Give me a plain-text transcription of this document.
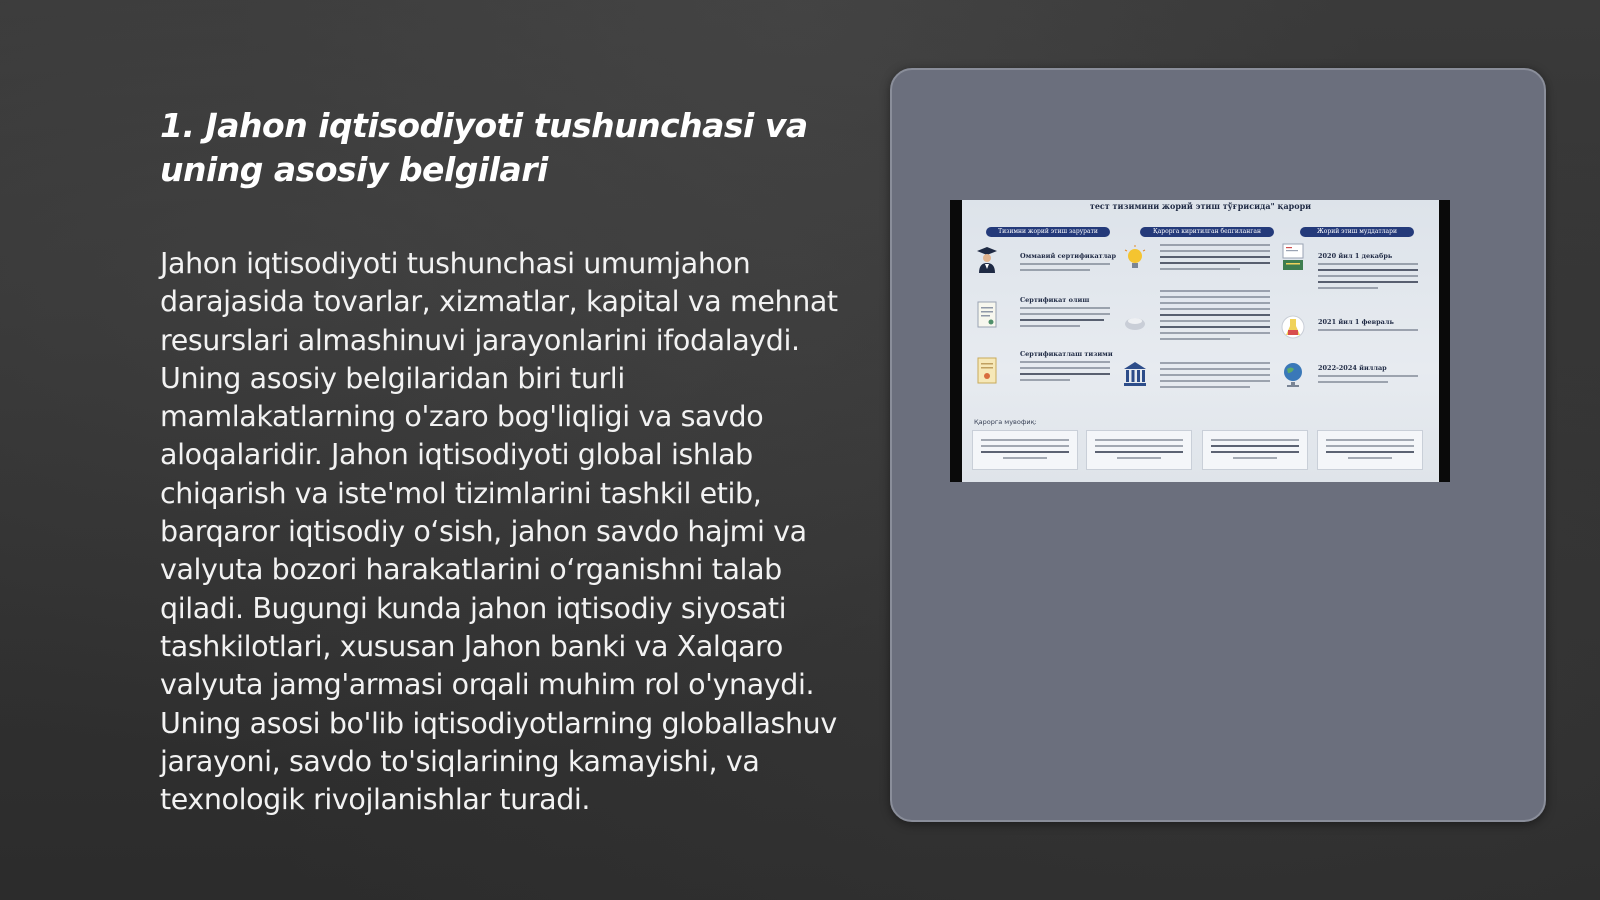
1. Jahon iqtisodiyoti tushunchasi va uning asosiy belgilari

Jahon iqtisodiyoti tushunchasi umumjahon darajasida tovarlar, xizmatlar, kapital va mehnat resurslari almashinuvi jarayonlarini ifodalaydi. Uning asosiy belgilaridan biri turli mamlakatlarning o'zaro bog'liqligi va savdo aloqalaridir. Jahon iqtisodiyoti global ishlab chiqarish va iste'mol tizimlarini tashkil etib, barqaror iqtisodiy o‘sish, jahon savdo hajmi va valyuta bozori harakatlarini o‘rganishni talab qiladi. Bugungi kunda jahon iqtisodiy siyosati tashkilotlari, xususan Jahon banki va Xalqaro valyuta jamg'armasi orqali muhim rol o'ynaydi. Uning asosi bo'lib iqtisodiyotlarning globallashuv jarayoni, savdo to'siqlarining kamayishi, va texnologik rivojlanishlar turadi.

тест тизимини жорий этиш тўғрисида" қарори
Тизимни жорий этиш зарурати	Қарорга киритилган бепгиланган	Жорий этиш муддатлари
Оммавий сертификатлар
Сертификат олиш
Сертификатлаш тизими
2020 йил 1 декабрь
2021 йил 1 февраль
2022-2024 йиллар
Қарорга мувофиқ:
